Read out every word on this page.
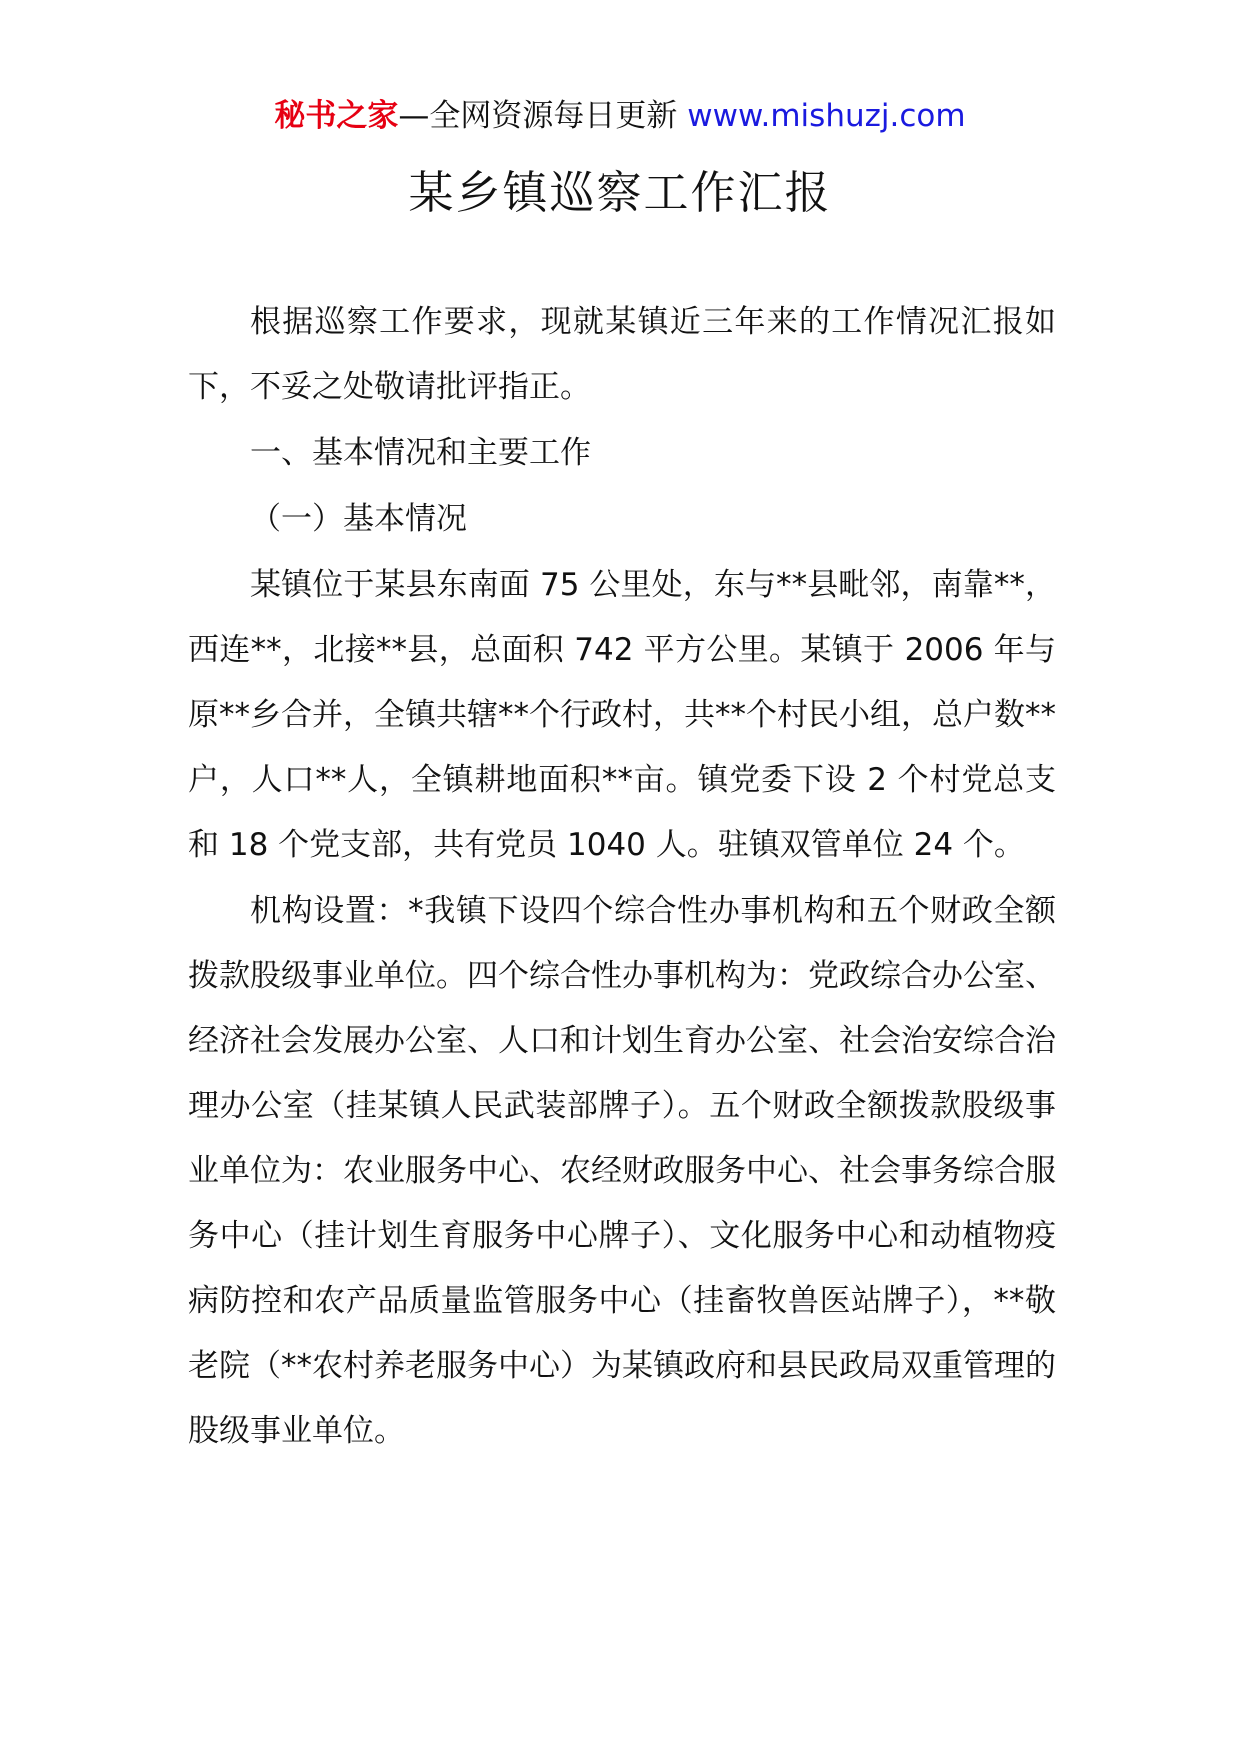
秘书之家—全网资源每日更新 www.mishuzj.com
某乡镇巡察工作汇报

根据巡察工作要求，现就某镇近三年来的工作情况汇报如下，不妥之处敬请批评指正。

一、基本情况和主要工作

（一）基本情况

某镇位于某县东南面 75 公里处，东与**县毗邻，南靠**，西连**，北接**县，总面积 742 平方公里。某镇于 2006 年与原**乡合并，全镇共辖**个行政村，共**个村民小组，总户数**户，人口**人，全镇耕地面积**亩。镇党委下设 2 个村党总支和 18 个党支部，共有党员 1040 人。驻镇双管单位 24 个。

机构设置：*我镇下设四个综合性办事机构和五个财政全额拨款股级事业单位。四个综合性办事机构为：党政综合办公室、经济社会发展办公室、人口和计划生育办公室、社会治安综合治理办公室（挂某镇人民武装部牌子）。五个财政全额拨款股级事业单位为：农业服务中心、农经财政服务中心、社会事务综合服务中心（挂计划生育服务中心牌子）、文化服务中心和动植物疫病防控和农产品质量监管服务中心（挂畜牧兽医站牌子），**敬老院（**农村养老服务中心）为某镇政府和县民政局双重管理的股级事业单位。
